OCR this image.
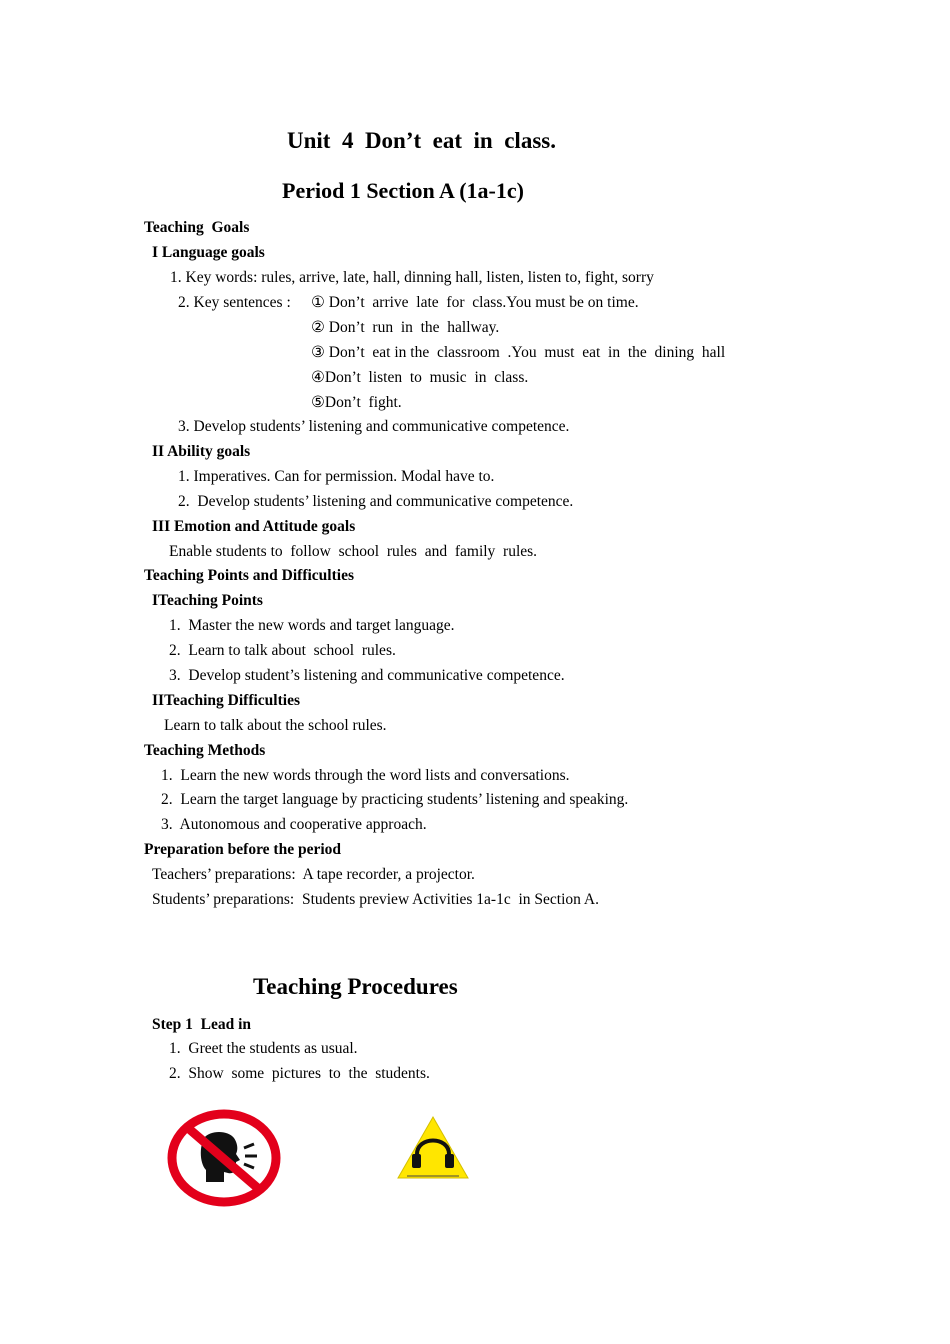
Unit  4  Don’t  eat  in  class.
Period 1 Section A (1a-1c)
Teaching  Goals
I Language goals
1. Key words: rules, arrive, late, hall, dinning hall, listen, listen to, fight, sorry
2. Key sentences : ① Don’t  arrive  late  for  class.You must be on time.
② Don’t  run  in  the  hallway.
③ Don’t  eat in the  classroom  .You  must  eat  in  the  dining  hall
④Don’t  listen  to  music  in  class.
⑤Don’t  fight.
3. Develop students’ listening and communicative competence.
II Ability goals
1. Imperatives. Can for permission. Modal have to.
2.  Develop students’ listening and communicative competence.
III Emotion and Attitude goals
Enable students to  follow  school  rules  and  family  rules.
Teaching Points and Difficulties
ITeaching Points
1.  Master the new words and target language.
2.  Learn to talk about  school  rules.
3.  Develop student’s listening and communicative competence.
IITeaching Difficulties
Learn to talk about the school rules.
Teaching Methods
1.  Learn the new words through the word lists and conversations.
2.  Learn the target language by practicing students’ listening and speaking.
3.  Autonomous and cooperative approach.
Preparation before the period
Teachers’ preparations:  A tape recorder, a projector.
Students’ preparations:  Students preview Activities 1a-1c  in Section A.
Teaching Procedures
Step 1  Lead in
1.  Greet the students as usual.
2.  Show  some  pictures  to  the  students.
